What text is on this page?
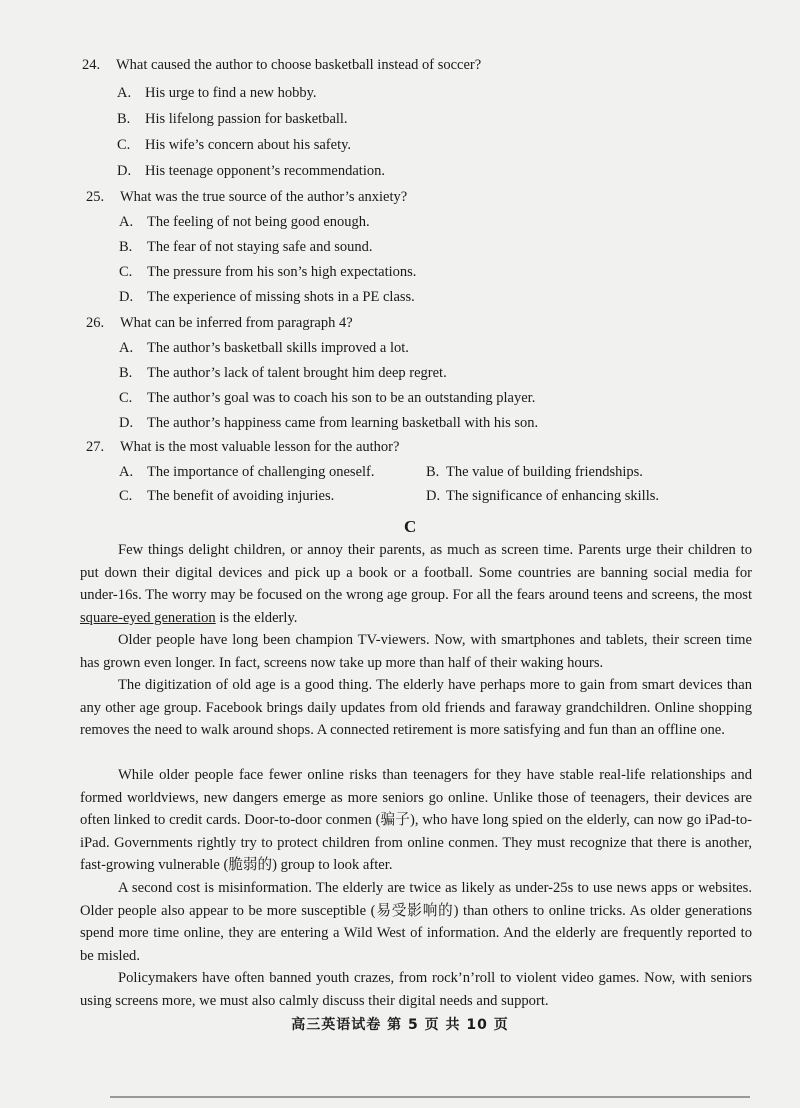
24. What caused the author to choose basketball instead of soccer?
A. His urge to find a new hobby.
B. His lifelong passion for basketball.
C. His wife’s concern about his safety.
D. His teenage opponent’s recommendation.
25. What was the true source of the author’s anxiety?
A. The feeling of not being good enough.
B. The fear of not staying safe and sound.
C. The pressure from his son’s high expectations.
D. The experience of missing shots in a PE class.
26. What can be inferred from paragraph 4?
A. The author’s basketball skills improved a lot.
B. The author’s lack of talent brought him deep regret.
C. The author’s goal was to coach his son to be an outstanding player.
D. The author’s happiness came from learning basketball with his son.
27. What is the most valuable lesson for the author?
A. The importance of challenging oneself.	B. The value of building friendships.
C. The benefit of avoiding injuries.	D. The significance of enhancing skills.
C
Few things delight children, or annoy their parents, as much as screen time. Parents urge their children to put down their digital devices and pick up a book or a football. Some countries are banning social media for under-16s. The worry may be focused on the wrong age group. For all the fears around teens and screens, the most square-eyed generation is the elderly.
Older people have long been champion TV-viewers. Now, with smartphones and tablets, their screen time has grown even longer. In fact, screens now take up more than half of their waking hours.
The digitization of old age is a good thing. The elderly have perhaps more to gain from smart devices than any other age group. Facebook brings daily updates from old friends and faraway grandchildren. Online shopping removes the need to walk around shops. A connected retirement is more satisfying and fun than an offline one.
While older people face fewer online risks than teenagers for they have stable real-life relationships and formed worldviews, new dangers emerge as more seniors go online. Unlike those of teenagers, their devices are often linked to credit cards. Door-to-door conmen (骗子), who have long spied on the elderly, can now go iPad-to-iPad. Governments rightly try to protect children from online conmen. They must recognize that there is another, fast-growing vulnerable (脆弱的) group to look after.
A second cost is misinformation. The elderly are twice as likely as under-25s to use news apps or websites. Older people also appear to be more susceptible (易受影响的) than others to online tricks. As older generations spend more time online, they are entering a Wild West of information. And the elderly are frequently reported to be misled.
Policymakers have often banned youth crazes, from rock’n’roll to violent video games. Now, with seniors using screens more, we must also calmly discuss their digital needs and support.
高三英语试卷 第 5 页 共 10 页
